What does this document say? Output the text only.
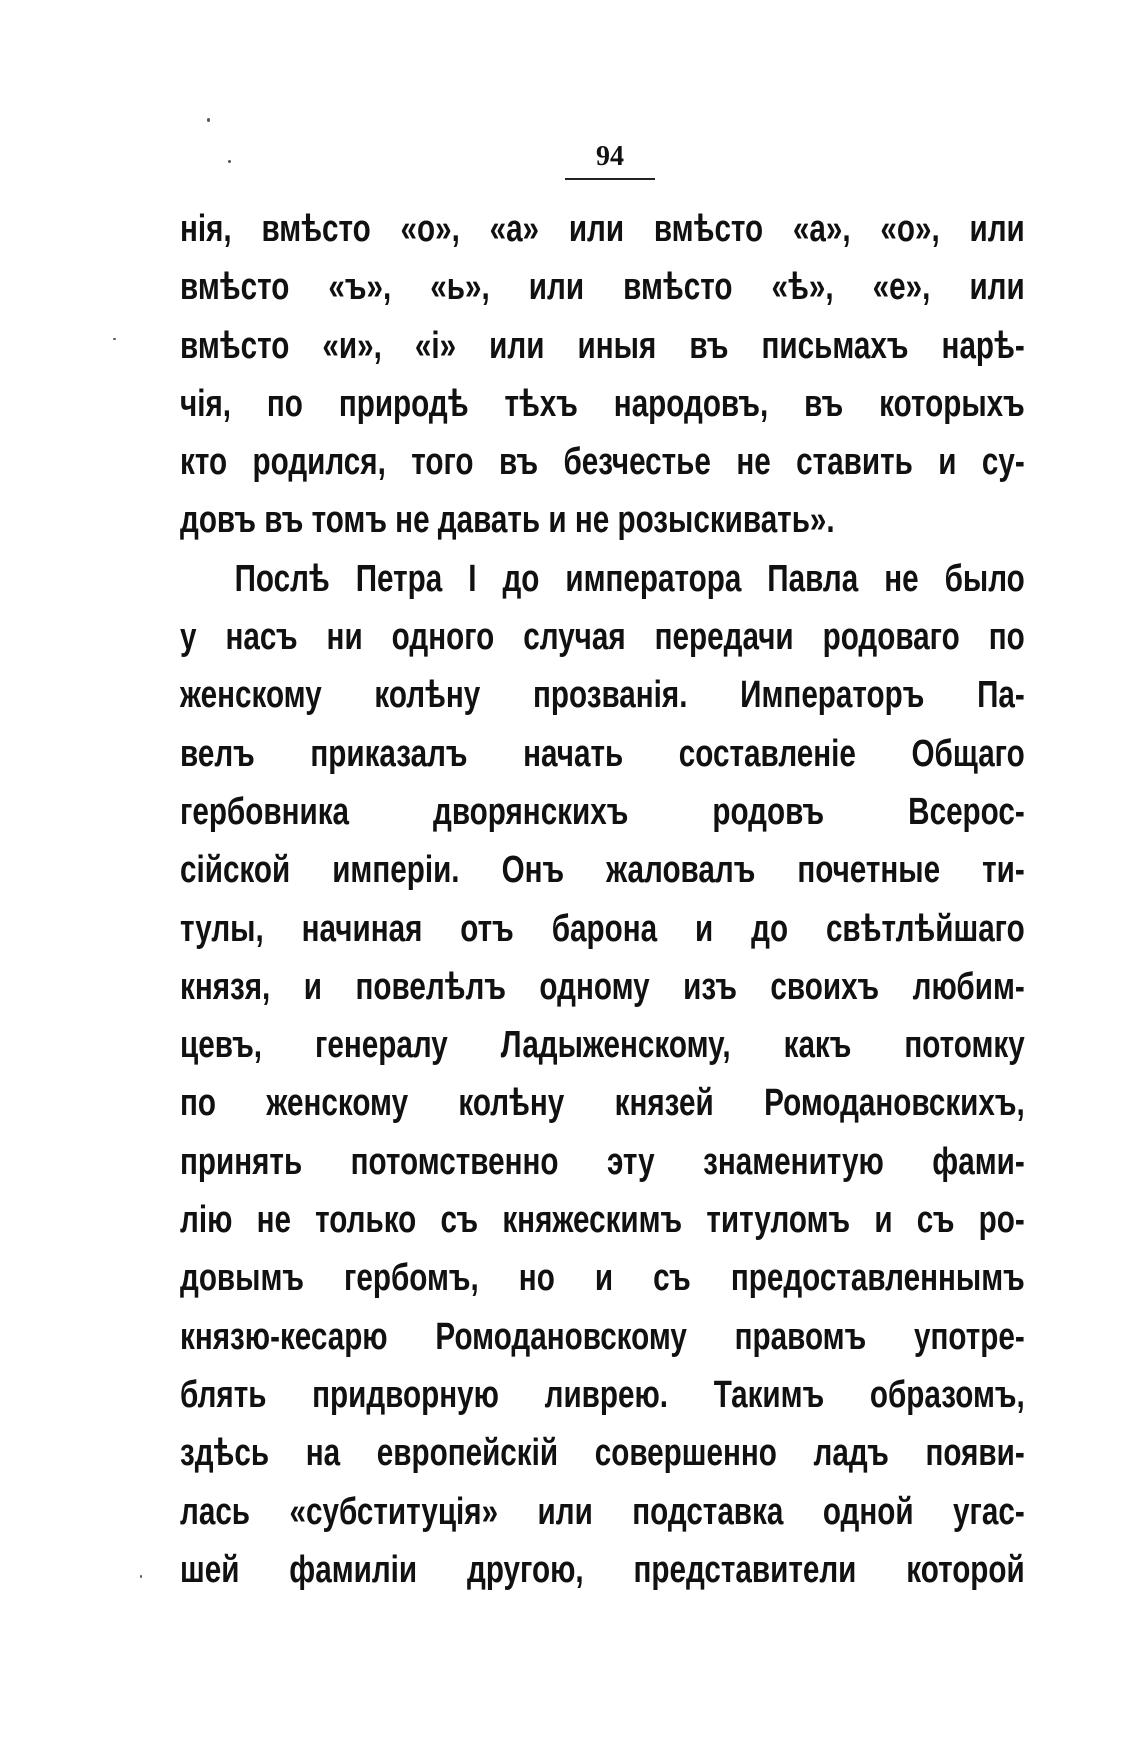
94
нія, вмѣсто «о», «а» или вмѣсто «а», «о», или
вмѣсто «ъ», «ь», или вмѣсто «ѣ», «е», или
вмѣсто «и», «і» или иныя въ письмахъ нарѣ-
чія, по природѣ тѣхъ народовъ, въ которыхъ
кто родился, того въ безчестье не ставить и су-
довъ въ томъ не давать и не розыскивать».
Послѣ Петра I до императора Павла не было
у насъ ни одного случая передачи родоваго по
женскому колѣну прозванія. Императоръ Па-
велъ приказалъ начать составленіе Общаго
гербовника дворянскихъ родовъ Всерос-
сійской имперіи. Онъ жаловалъ почетные ти-
тулы, начиная отъ барона и до свѣтлѣйшаго
князя, и повелѣлъ одному изъ своихъ любим-
цевъ, генералу Ладыженскому, какъ потомку
по женскому колѣну князей Ромодановскихъ,
принять потомственно эту знаменитую фами-
лію не только съ княжескимъ титуломъ и съ ро-
довымъ гербомъ, но и съ предоставленнымъ
князю-кесарю Ромодановскому правомъ употре-
блять придворную ливрею. Такимъ образомъ,
здѣсь на европейскій совершенно ладъ появи-
лась «субституція» или подставка одной угас-
шей фамиліи другою, представители которой
